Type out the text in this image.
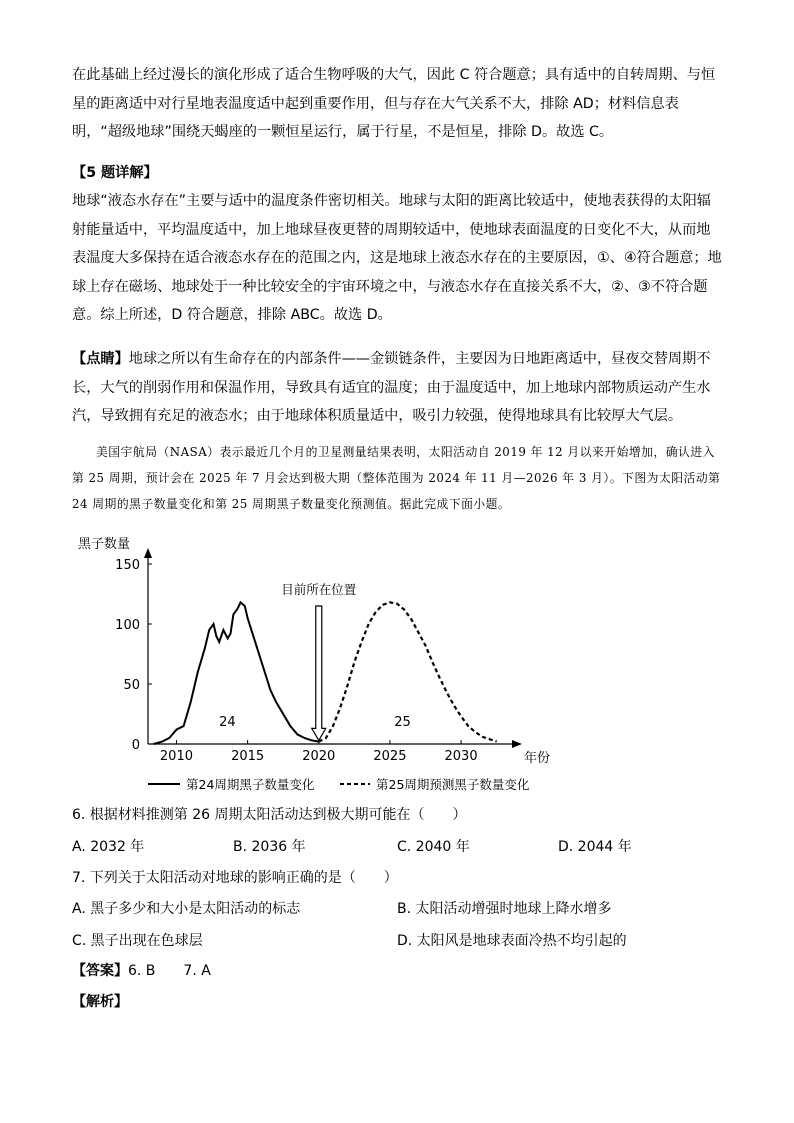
在此基础上经过漫长的演化形成了适合生物呼吸的大气，因此 C 符合题意；具有适中的自转周期、与恒星的距离适中对行星地表温度适中起到重要作用，但与存在大气关系不大，排除 AD；材料信息表明，“超级地球”围绕天蝎座的一颗恒星运行，属于行星，不是恒星，排除 D。故选 C。

【5 题详解】

地球“液态水存在”主要与适中的温度条件密切相关。地球与太阳的距离比较适中，使地表获得的太阳辐射能量适中，平均温度适中，加上地球昼夜更替的周期较适中，使地球表面温度的日变化不大，从而地表温度大多保持在适合液态水存在的范围之内，这是地球上液态水存在的主要原因，①、④符合题意；地球上存在磁场、地球处于一种比较安全的宇宙环境之中，与液态水存在直接关系不大，②、③不符合题意。综上所述，D 符合题意，排除 ABC。故选 D。

【点睛】地球之所以有生命存在的内部条件——金锁链条件，主要因为日地距离适中，昼夜交替周期不长，大气的削弱作用和保温作用，导致具有适宜的温度；由于温度适中，加上地球内部物质运动产生水汽，导致拥有充足的液态水；由于地球体积质量适中，吸引力较强，使得地球具有比较厚大气层。

美国宇航局（NASA）表示最近几个月的卫星测量结果表明，太阳活动自 2019 年 12 月以来开始增加，确认进入第 25 周期，预计会在 2025 年 7 月会达到极大期（整体范围为 2024 年 11 月—2026 年 3 月）。下图为太阳活动第 24 周期的黑子数量变化和第 25 周期黑子数量变化预测值。据此完成下面小题。

黑子数量
年份
0
50
100
150
2010	2015	2020	2025	2030
24	25
目前所在位置
第24周期黑子数量变化	第25周期预测黑子数量变化

6. 根据材料推测第 26 周期太阳活动达到极大期可能在（　　）

A. 2032 年	B. 2036 年	C. 2040 年	D. 2044 年

7. 下列关于太阳活动对地球的影响正确的是（　　）

A. 黑子多少和大小是太阳活动的标志	B. 太阳活动增强时地球上降水增多

C. 黑子出现在色球层	D. 太阳风是地球表面冷热不均引起的

【答案】6. B　　7. A

【解析】
